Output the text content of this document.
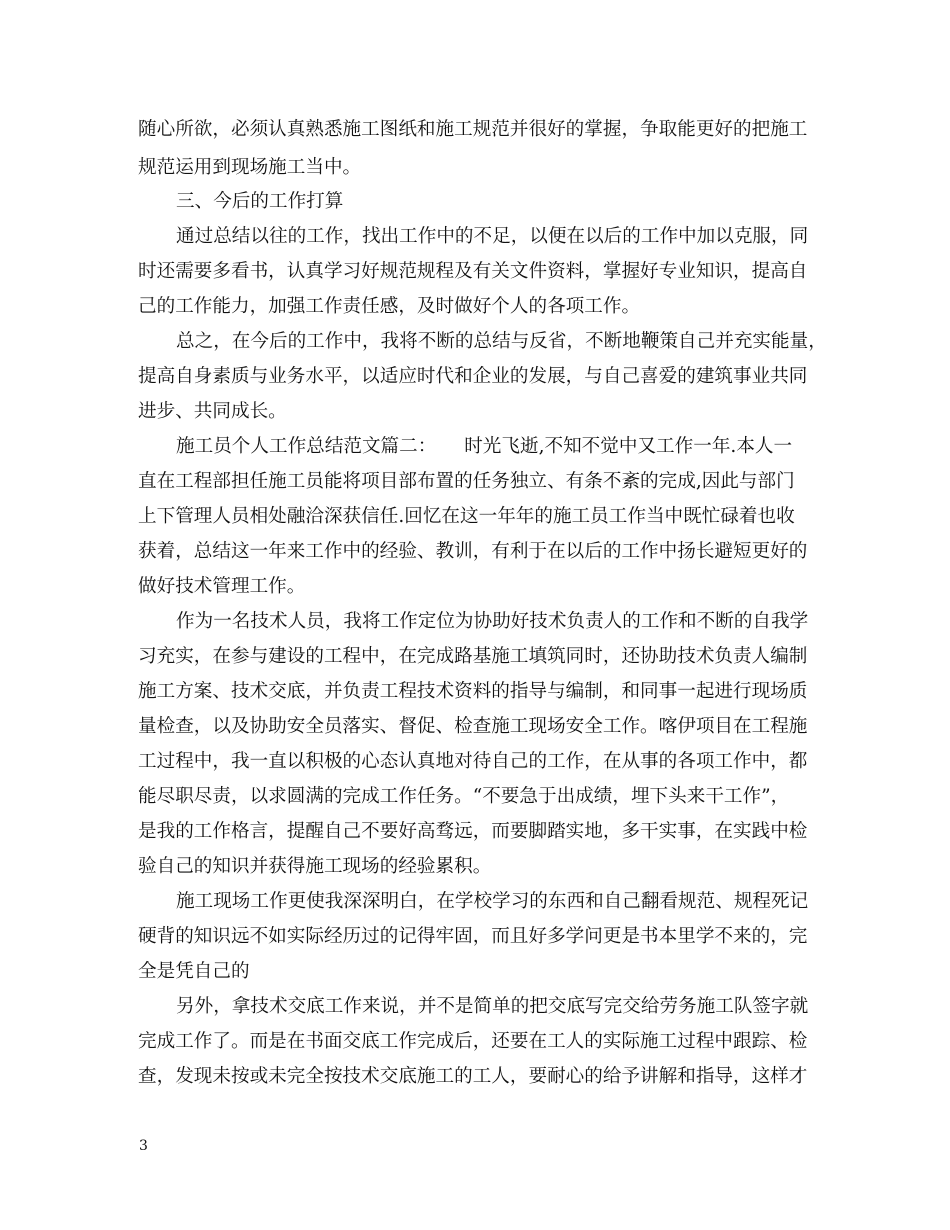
随心所欲，必须认真熟悉施工图纸和施工规范并很好的掌握，争取能更好的把施工
规范运用到现场施工当中。
三、今后的工作打算
通过总结以往的工作，找出工作中的不足，以便在以后的工作中加以克服，同
时还需要多看书，认真学习好规范规程及有关文件资料，掌握好专业知识，提高自
己的工作能力，加强工作责任感，及时做好个人的各项工作。
总之，在今后的工作中，我将不断的总结与反省，不断地鞭策自己并充实能量，
提高自身素质与业务水平，以适应时代和企业的发展，与自己喜爱的建筑事业共同
进步、共同成长。
施工员个人工作总结范文篇二：　　时光飞逝,不知不觉中又工作一年.本人一
直在工程部担任施工员能将项目部布置的任务独立、有条不紊的完成,因此与部门
上下管理人员相处融洽深获信任.回忆在这一年年的施工员工作当中既忙碌着也收
获着，总结这一年来工作中的经验、教训，有利于在以后的工作中扬长避短更好的
做好技术管理工作。
作为一名技术人员，我将工作定位为协助好技术负责人的工作和不断的自我学
习充实，在参与建设的工程中，在完成路基施工填筑同时，还协助技术负责人编制
施工方案、技术交底，并负责工程技术资料的指导与编制，和同事一起进行现场质
量检查，以及协助安全员落实、督促、检查施工现场安全工作。喀伊项目在工程施
工过程中，我一直以积极的心态认真地对待自己的工作，在从事的各项工作中，都
能尽职尽责，以求圆满的完成工作任务。“不要急于出成绩，埋下头来干工作”，
是我的工作格言，提醒自己不要好高骛远，而要脚踏实地，多干实事，在实践中检
验自己的知识并获得施工现场的经验累积。
施工现场工作更使我深深明白，在学校学习的东西和自己翻看规范、规程死记
硬背的知识远不如实际经历过的记得牢固，而且好多学问更是书本里学不来的，完
全是凭自己的
另外，拿技术交底工作来说，并不是简单的把交底写完交给劳务施工队签字就
完成工作了。而是在书面交底工作完成后，还要在工人的实际施工过程中跟踪、检
查，发现未按或未完全按技术交底施工的工人，要耐心的给予讲解和指导，这样才
3
